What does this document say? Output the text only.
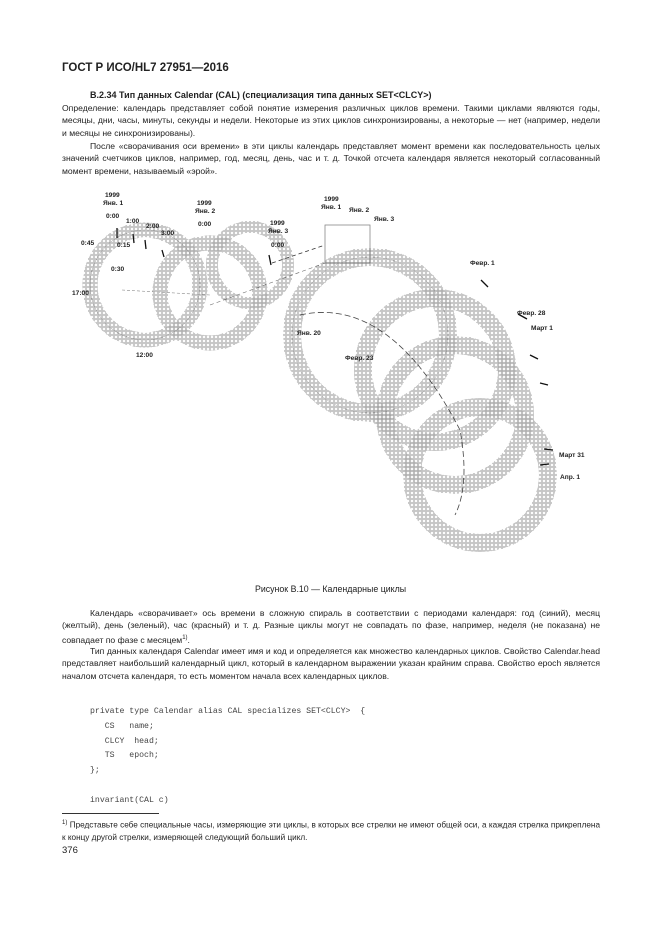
ГОСТ Р ИСО/HL7 27951—2016
В.2.34 Тип данных Calendar (CAL) (специализация типа данных SET<CLCY>)

Определение: календарь представляет собой понятие измерения различных циклов времени. Такими циклами являются годы, месяцы, дни, часы, минуты, секунды и недели. Некоторые из этих циклов синхронизированы, а некоторые — нет (например, недели и месяцы не синхронизированы).

После «сворачивания оси времени» в эти циклы календарь представляет момент времени как последовательность целых значений счетчиков циклов, например, год, месяц, день, час и т. д. Точкой отсчета календаря является некоторый согласованный момент времени, называемый «эрой».

1999
Янв. 1
0:00
1999
Янв. 2
0:00	1999
Янв. 3
0:00
1:00
2:00
3:00
0:45	0:15
0:30
17:00
12:00
1999
Янв. 1 Янв. 2
Янв. 3
Февр. 1
Февр. 28
Март 1
Март 31
Апр. 1
Янв. 20
Февр. 23
Рисунок В.10 — Календарные циклы

Календарь «сворачивает» ось времени в сложную спираль в соответствии с периодами календаря: год (синий), месяц (желтый), день (зеленый), час (красный) и т. д. Разные циклы могут не совпадать по фазе, например, неделя (не показана) не совпадает по фазе с месяцем$^{1)}$.

Тип данных календаря Calendar имеет имя и код и определяется как множество календарных циклов. Свойство Calendar.head представляет наибольший календарный цикл, который в календарном выражении указан крайним справа. Свойство epoch является началом отсчета календаря, то есть моментом начала всех календарных циклов.

private type Calendar alias CAL specializes SET<CLCY>  {
CS   name;
CLCY  head;
TS   epoch;
};

invariant(CAL c)

$^{1)}$ Представьте себе специальные часы, измеряющие эти циклы, в которых все стрелки не имеют общей оси, а каждая стрелка прикреплена к концу другой стрелки, измеряющей следующий больший цикл.

376
